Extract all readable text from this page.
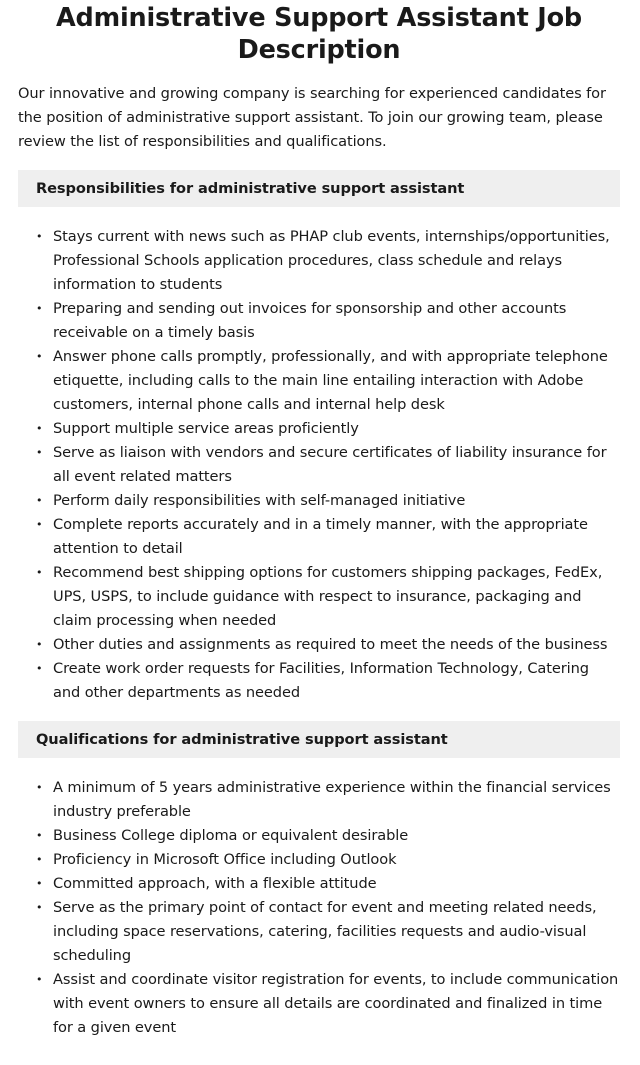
Administrative Support Assistant Job Description

Our innovative and growing company is searching for experienced candidates for the position of administrative support assistant. To join our growing team, please review the list of responsibilities and qualifications.

Responsibilities for administrative support assistant
• Stays current with news such as PHAP club events, internships/opportunities, Professional Schools application procedures, class schedule and relays information to students
• Preparing and sending out invoices for sponsorship and other accounts receivable on a timely basis
• Answer phone calls promptly, professionally, and with appropriate telephone etiquette, including calls to the main line entailing interaction with Adobe customers, internal phone calls and internal help desk
• Support multiple service areas proficiently
• Serve as liaison with vendors and secure certificates of liability insurance for all event related matters
• Perform daily responsibilities with self-managed initiative
• Complete reports accurately and in a timely manner, with the appropriate attention to detail
• Recommend best shipping options for customers shipping packages, FedEx, UPS, USPS, to include guidance with respect to insurance, packaging and claim processing when needed
• Other duties and assignments as required to meet the needs of the business
• Create work order requests for Facilities, Information Technology, Catering and other departments as needed
Qualifications for administrative support assistant
• A minimum of 5 years administrative experience within the financial services industry preferable
• Business College diploma or equivalent desirable
• Proficiency in Microsoft Office including Outlook
• Committed approach, with a flexible attitude
• Serve as the primary point of contact for event and meeting related needs, including space reservations, catering, facilities requests and audio-visual scheduling
• Assist and coordinate visitor registration for events, to include communication with event owners to ensure all details are coordinated and finalized in time for a given event
